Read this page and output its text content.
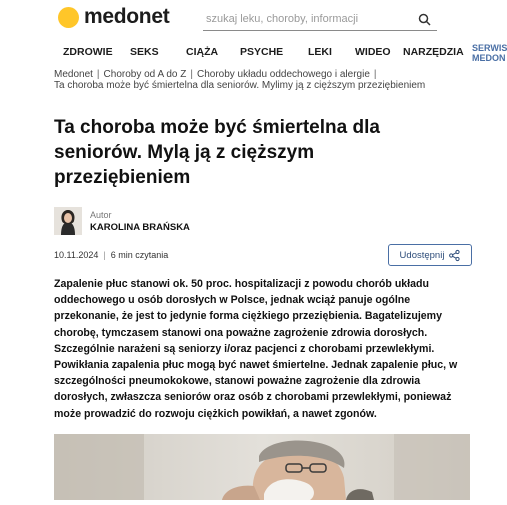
medonet
szukaj leku, choroby, informacji
ZDROWIE SEKS	CIĄŻA PSYCHE LEKI WIDEO NARZĘDZIA SERWIS
MEDON
Medonet | Choroby od A do Z | Choroby układu oddechowego i alergie |
Ta choroba może być śmiertelna dla seniorów. Mylimy ją z cięższym przeziębieniem
Ta choroba może być śmiertelna dla seniorów. Mylą ją z cięższym przeziębieniem
Autor
KAROLINA BRAŃSKA
10.11.2024 | 6 min czytania	Udostępnij

Zapalenie płuc stanowi ok. 50 proc. hospitalizacji z powodu chorób układu oddechowego u osób dorosłych w Polsce, jednak wciąż panuje ogólne przekonanie, że jest to jedynie forma ciężkiego przeziębienia. Bagatelizujemy chorobę, tymczasem stanowi ona poważne zagrożenie zdrowia dorosłych. Szczególnie narażeni są seniorzy i/oraz pacjenci z chorobami przewlekłymi. Powikłania zapalenia płuc mogą być nawet śmiertelne. Jednak zapalenie płuc, w szczególności pneumokokowe, stanowi poważne zagrożenie dla zdrowia dorosłych, zwłaszcza seniorów oraz osób z chorobami przewlekłymi, ponieważ może prowadzić do rozwoju ciężkich powikłań, a nawet zgonów.
